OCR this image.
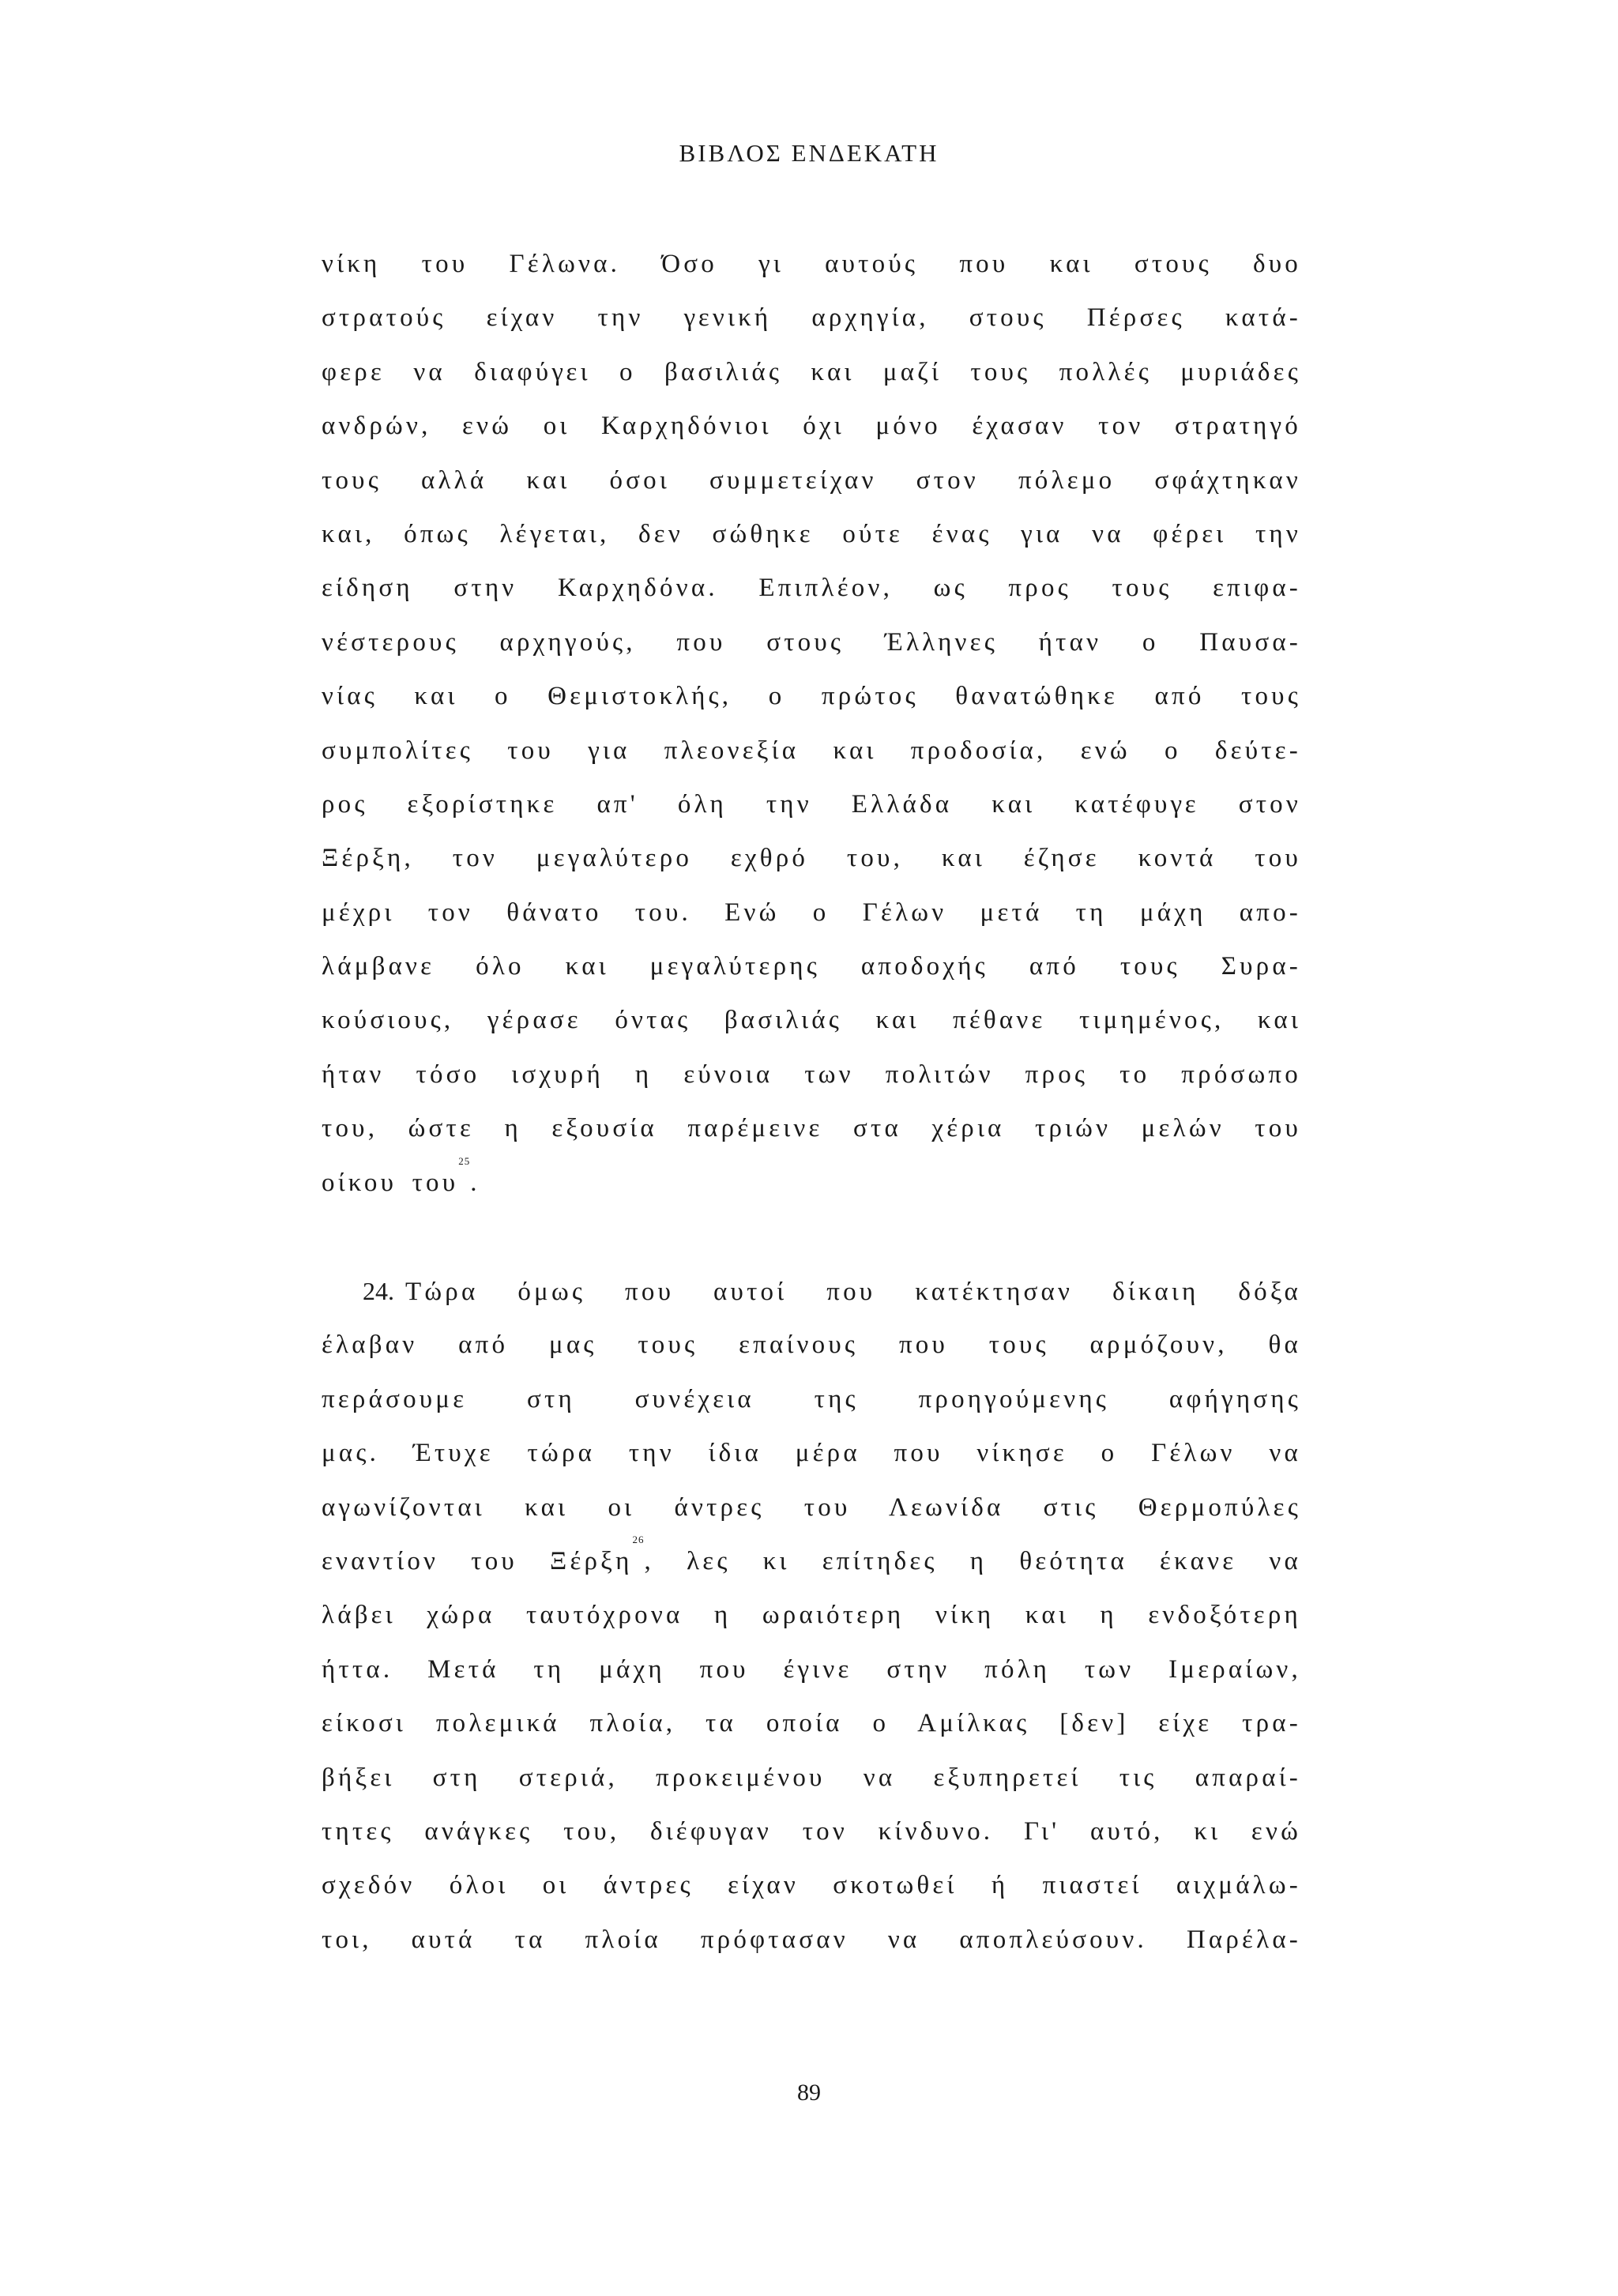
ΒΙΒΛΟΣ ΕΝΔΕΚΑΤΗ
νίκη του Γέλωνα. Όσο γι αυτούς που και στους δυο
στρατούς είχαν την γενική αρχηγία, στους Πέρσες κατά-
φερε να διαφύγει ο βασιλιάς και μαζί τους πολλές μυριάδες
ανδρών, ενώ οι Καρχηδόνιοι όχι μόνο έχασαν τον στρατηγό
τους αλλά και όσοι συμμετείχαν στον πόλεμο σφάχτηκαν
και, όπως λέγεται, δεν σώθηκε ούτε ένας για να φέρει την
είδηση στην Καρχηδόνα. Επιπλέον, ως προς τους επιφα-
νέστερους αρχηγούς, που στους Έλληνες ήταν ο Παυσα-
νίας και ο Θεμιστοκλής, ο πρώτος θανατώθηκε από τους
συμπολίτες του για πλεονεξία και προδοσία, ενώ ο δεύτε-
ρος εξορίστηκε απ' όλη την Ελλάδα και κατέφυγε στον
Ξέρξη, τον μεγαλύτερο εχθρό του, και έζησε κοντά του
μέχρι τον θάνατο του. Ενώ ο Γέλων μετά τη μάχη απο-
λάμβανε όλο και μεγαλύτερης αποδοχής από τους Συρα-
κούσιους, γέρασε όντας βασιλιάς και πέθανε τιμημένος, και
ήταν τόσο ισχυρή η εύνοια των πολιτών προς το πρόσωπο
του, ώστε η εξουσία παρέμεινε στα χέρια τριών μελών του
οίκου του$^{25}$.
24. Τώρα όμως που αυτοί που κατέκτησαν δίκαιη δόξα
έλαβαν από μας τους επαίνους που τους αρμόζουν, θα
περάσουμε στη συνέχεια της προηγούμενης αφήγησης
μας. Έτυχε τώρα την ίδια μέρα που νίκησε ο Γέλων να
αγωνίζονται και οι άντρες του Λεωνίδα στις Θερμοπύλες
εναντίον του Ξέρξη$^{26}$, λες κι επίτηδες η θεότητα έκανε να
λάβει χώρα ταυτόχρονα η ωραιότερη νίκη και η ενδοξότερη
ήττα. Μετά τη μάχη που έγινε στην πόλη των Ιμεραίων,
είκοσι πολεμικά πλοία, τα οποία ο Αμίλκας [δεν] είχε τρα-
βήξει στη στεριά, προκειμένου να εξυπηρετεί τις απαραί-
τητες ανάγκες του, διέφυγαν τον κίνδυνο. Γι' αυτό, κι ενώ
σχεδόν όλοι οι άντρες είχαν σκοτωθεί ή πιαστεί αιχμάλω-
τοι, αυτά τα πλοία πρόφτασαν να αποπλεύσουν. Παρέλα-
89
